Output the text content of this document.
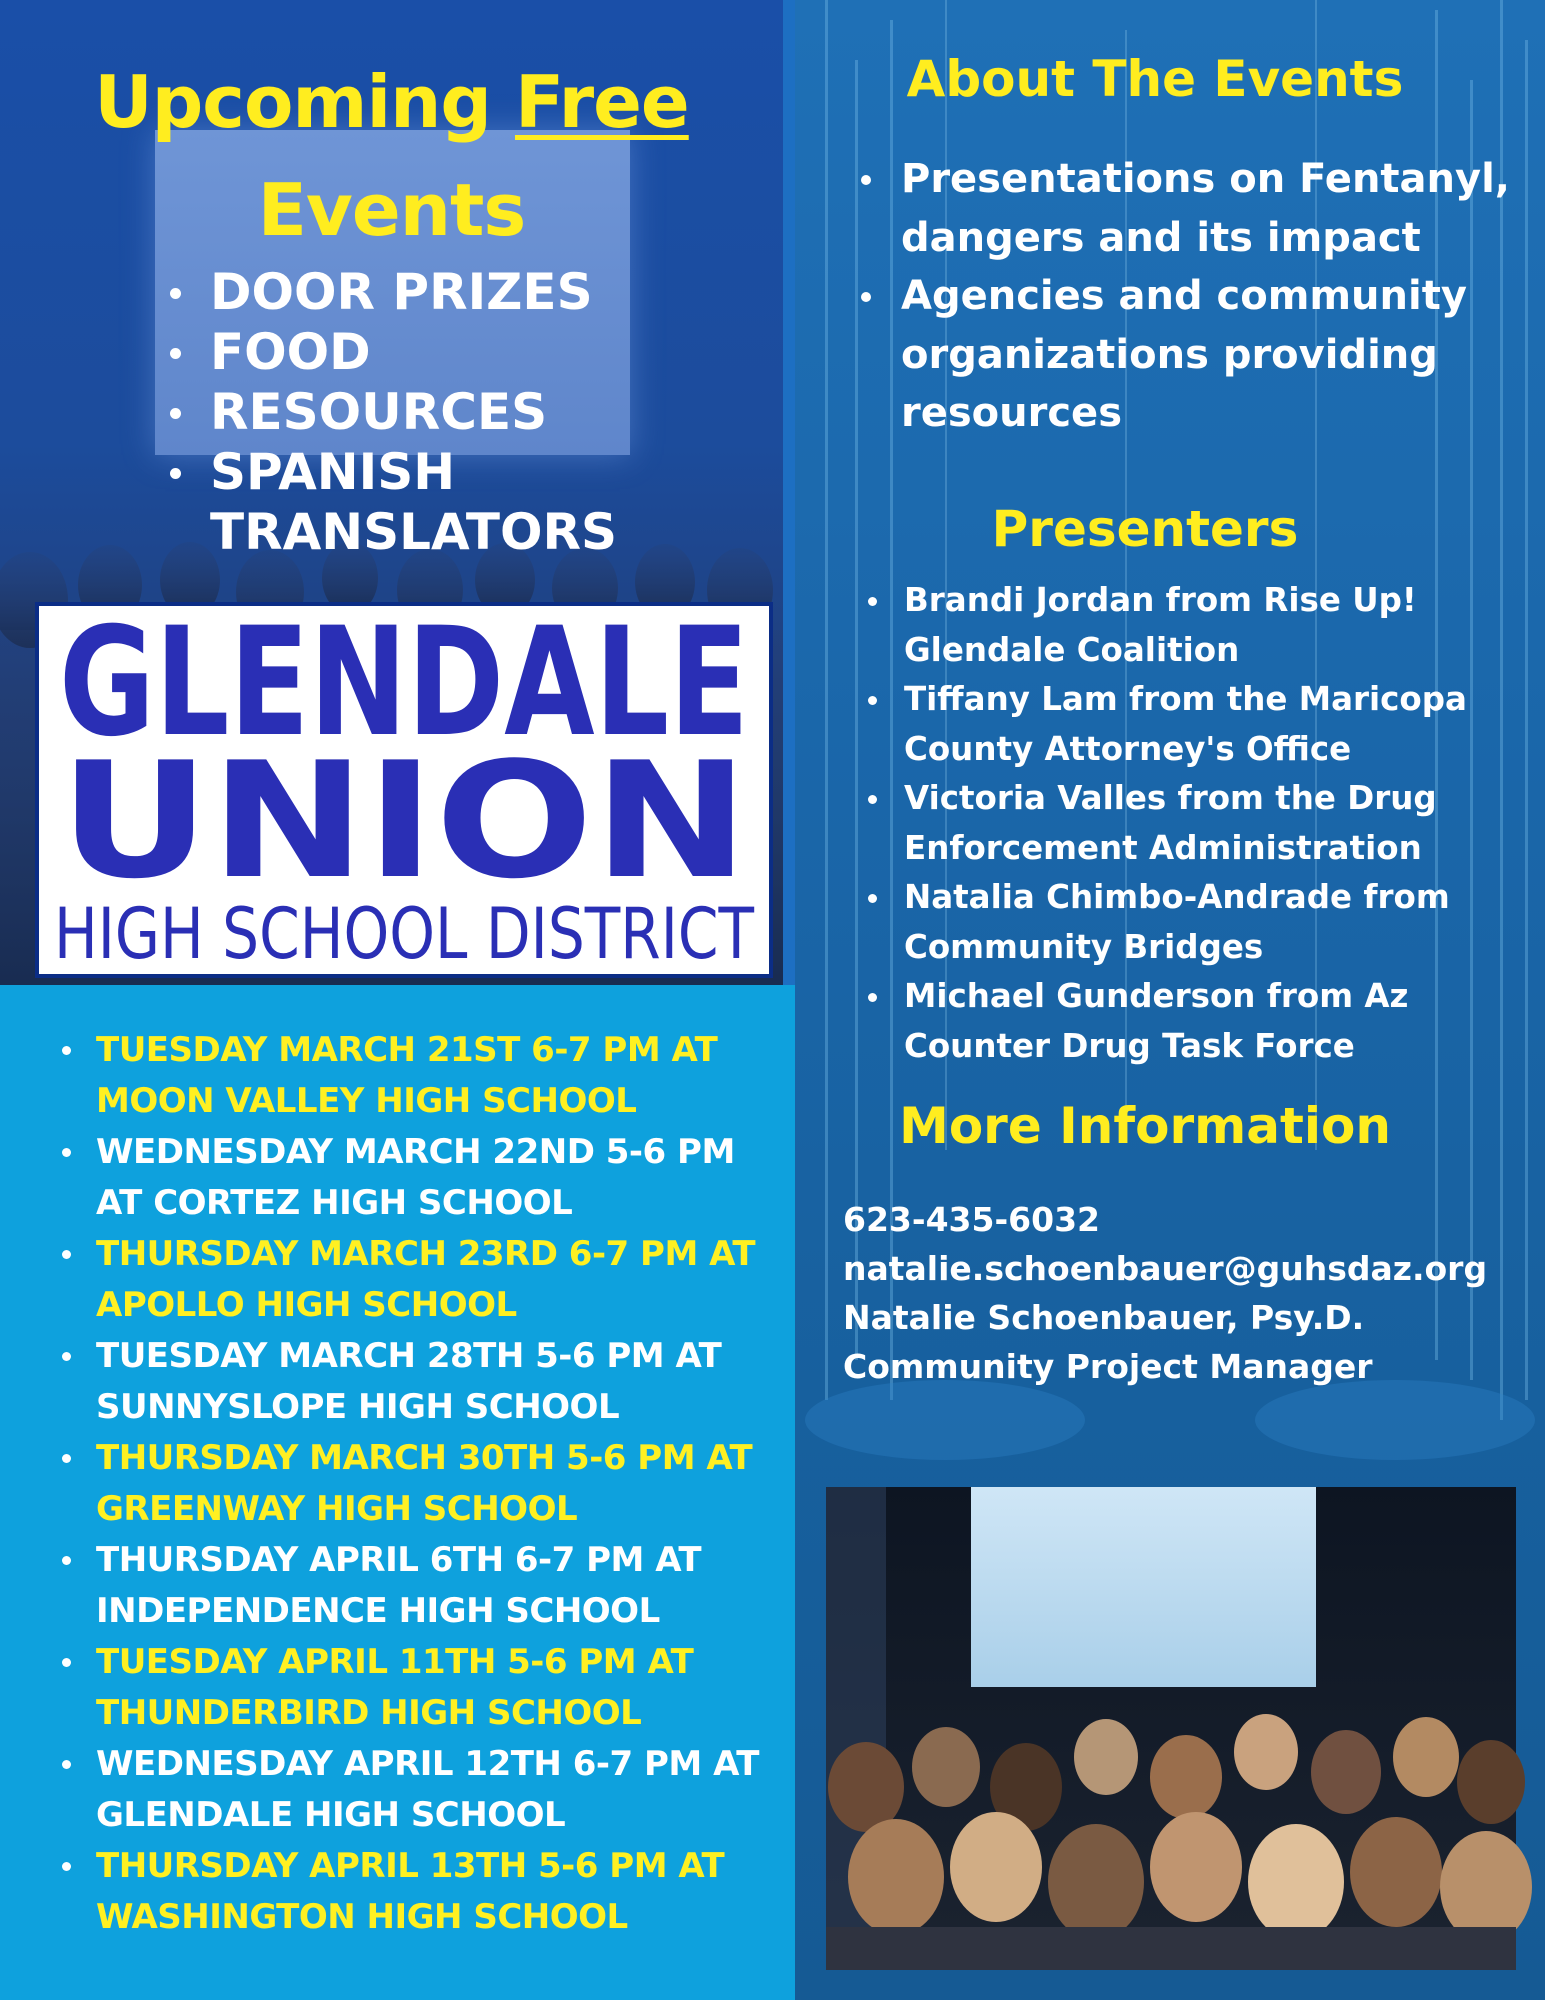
Upcoming Free
Events
DOOR PRIZES
FOOD
RESOURCES
SPANISH
TRANSLATORS
GLENDALE
UNION
HIGH SCHOOL DISTRICT
TUESDAY MARCH 21ST 6-7 PM AT
MOON VALLEY HIGH SCHOOL
WEDNESDAY MARCH 22ND 5-6 PM
AT CORTEZ HIGH SCHOOL
THURSDAY MARCH 23RD 6-7 PM AT
APOLLO HIGH SCHOOL
TUESDAY MARCH 28TH 5-6 PM AT
SUNNYSLOPE HIGH SCHOOL
THURSDAY MARCH 30TH 5-6 PM AT
GREENWAY HIGH SCHOOL
THURSDAY APRIL 6TH 6-7 PM AT
INDEPENDENCE HIGH SCHOOL
TUESDAY APRIL 11TH 5-6 PM AT
THUNDERBIRD HIGH SCHOOL
WEDNESDAY APRIL 12TH 6-7 PM AT
GLENDALE HIGH SCHOOL
THURSDAY APRIL 13TH 5-6 PM AT
WASHINGTON HIGH SCHOOL
About The Events
Presentations on Fentanyl,
dangers and its impact
Agencies and community
organizations providing
resources
Presenters
Brandi Jordan from Rise Up!
Glendale Coalition
Tiffany Lam from the Maricopa
County Attorney's Office
Victoria Valles from the Drug
Enforcement Administration
Natalia Chimbo-Andrade from
Community Bridges
Michael Gunderson from Az
Counter Drug Task Force
More Information
623-435-6032
natalie.schoenbauer@guhsdaz.org
Natalie Schoenbauer, Psy.D.
Community Project Manager
